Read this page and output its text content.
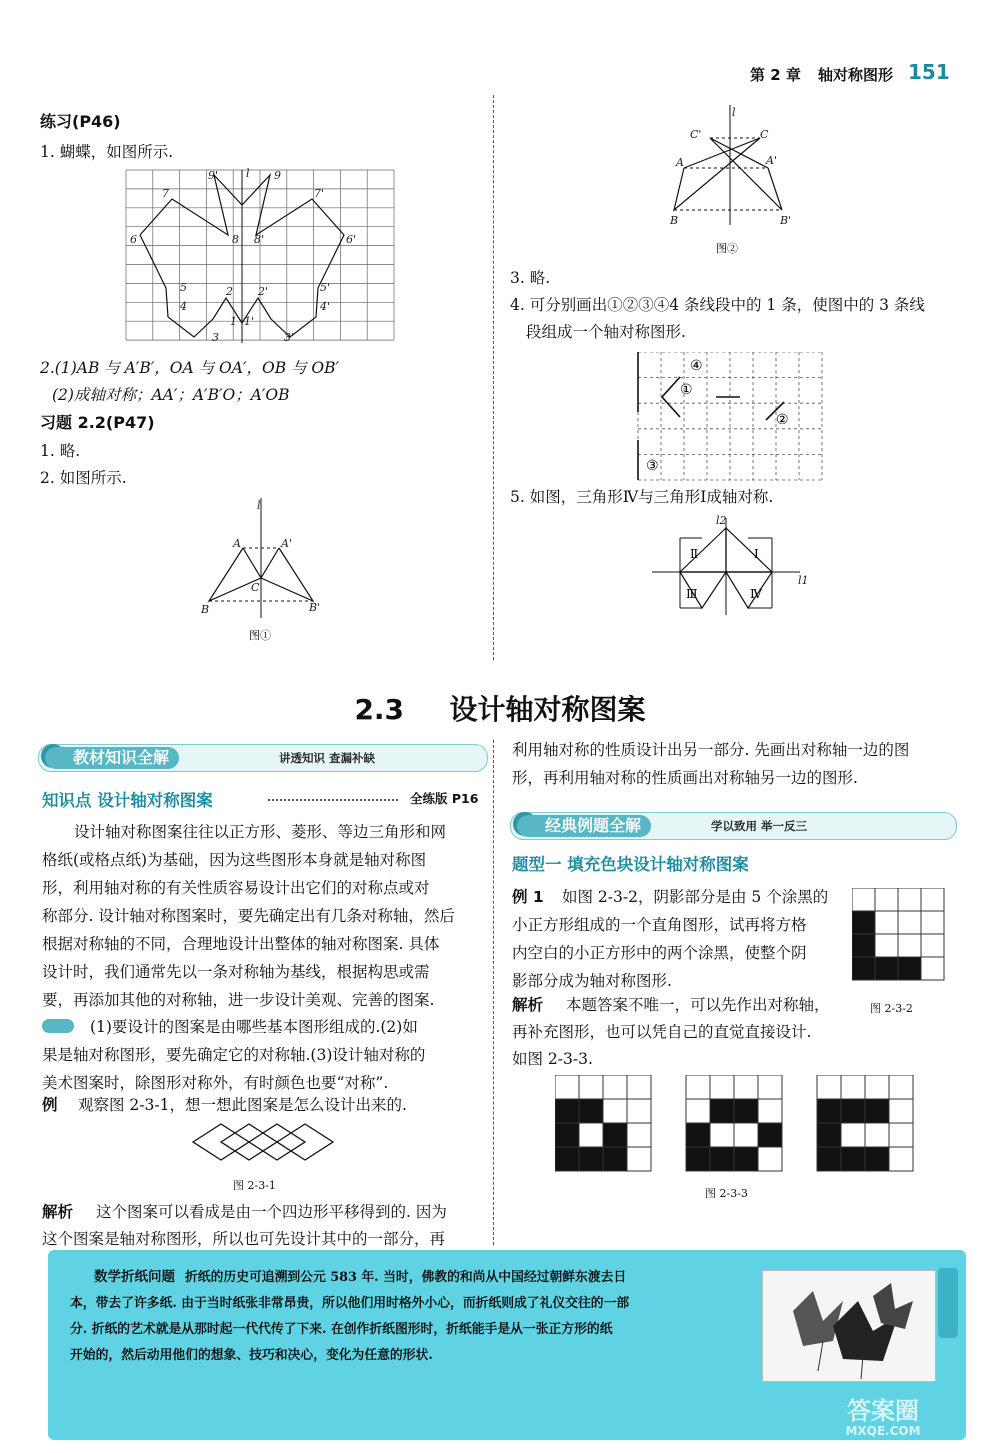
第 2 章 轴对称图形 151
练习(P46)
1. 蝴蝶，如图所示.
9'	l 9
7	7'
6	8 8'	6'
5	2 2'	5'
4
1 1'
4'
3	3'
2.(1)AB 与 A′B′，OA 与 OA′，OB 与 OB′
(2)成轴对称；AA′；A′B′O；A′OB
习题 2.2(P47)
1. 略.
2. 如图所示.
l
A	A'
C
B	B'
图①
l
C'	C
A	A'
B	B'
图②
3. 略.
4. 可分别画出①②③④4 条线段中的 1 条，使图中的 3 条线
段组成一个轴对称图形.
④
①
②
③
5. 如图，三角形Ⅳ与三角形Ⅰ成轴对称.
l2
Ⅱ	Ⅰ
Ⅲ	Ⅳ
l1
2.3 设计轴对称图案
教材知识全解	讲透知识 查漏补缺
知识点 设计轴对称图案	全练版 P16
设计轴对称图案往往以正方形、菱形、等边三角形和网
格纸(或格点纸)为基础，因为这些图形本身就是轴对称图
形，利用轴对称的有关性质容易设计出它们的对称点或对
称部分. 设计轴对称图案时，要先确定出有几条对称轴，然后
根据对称轴的不同，合理地设计出整体的轴对称图案. 具体
设计时，我们通常先以一条对称轴为基线，根据构思或需
要，再添加其他的对称轴，进一步设计美观、完善的图案.
(1)要设计的图案是由哪些基本图形组成的.(2)如
果是轴对称图形，要先确定它的对称轴.(3)设计轴对称的
美术图案时，除图形对称外，有时颜色也要“对称”.
例 观察图 2-3-1，想一想此图案是怎么设计出来的.
图 2-3-1
解析 这个图案可以看成是由一个四边形平移得到的. 因为
这个图案是轴对称图形，所以也可先设计其中的一部分，再
利用轴对称的性质设计出另一部分. 先画出对称轴一边的图
形，再利用轴对称的性质画出对称轴另一边的图形.
经典例题全解	学以致用 举一反三
题型一 填充色块设计轴对称图案
例 1	如图 2-3-2，阴影部分是由 5 个涂黑的
小正方形组成的一个直角图形，试再将方格
内空白的小正方形中的两个涂黑，使整个阴
影部分成为轴对称图形.
图 2-3-2
解析 本题答案不唯一，可以先作出对称轴，
再补充图形，也可以凭自己的直觉直接设计.
如图 2-3-3.
图 2-3-3
数学折纸问题 折纸的历史可追溯到公元 583 年. 当时，佛教的和尚从中国经过朝鲜东渡去日
本，带去了许多纸. 由于当时纸张非常昂贵，所以他们用时格外小心，而折纸则成了礼仪交往的一部
分. 折纸的艺术就是从那时起一代代传了下来. 在创作折纸图形时，折纸能手是从一张正方形的纸
开始的，然后动用他们的想象、技巧和决心，变化为任意的形状.
答案圈
MXQE.COM
